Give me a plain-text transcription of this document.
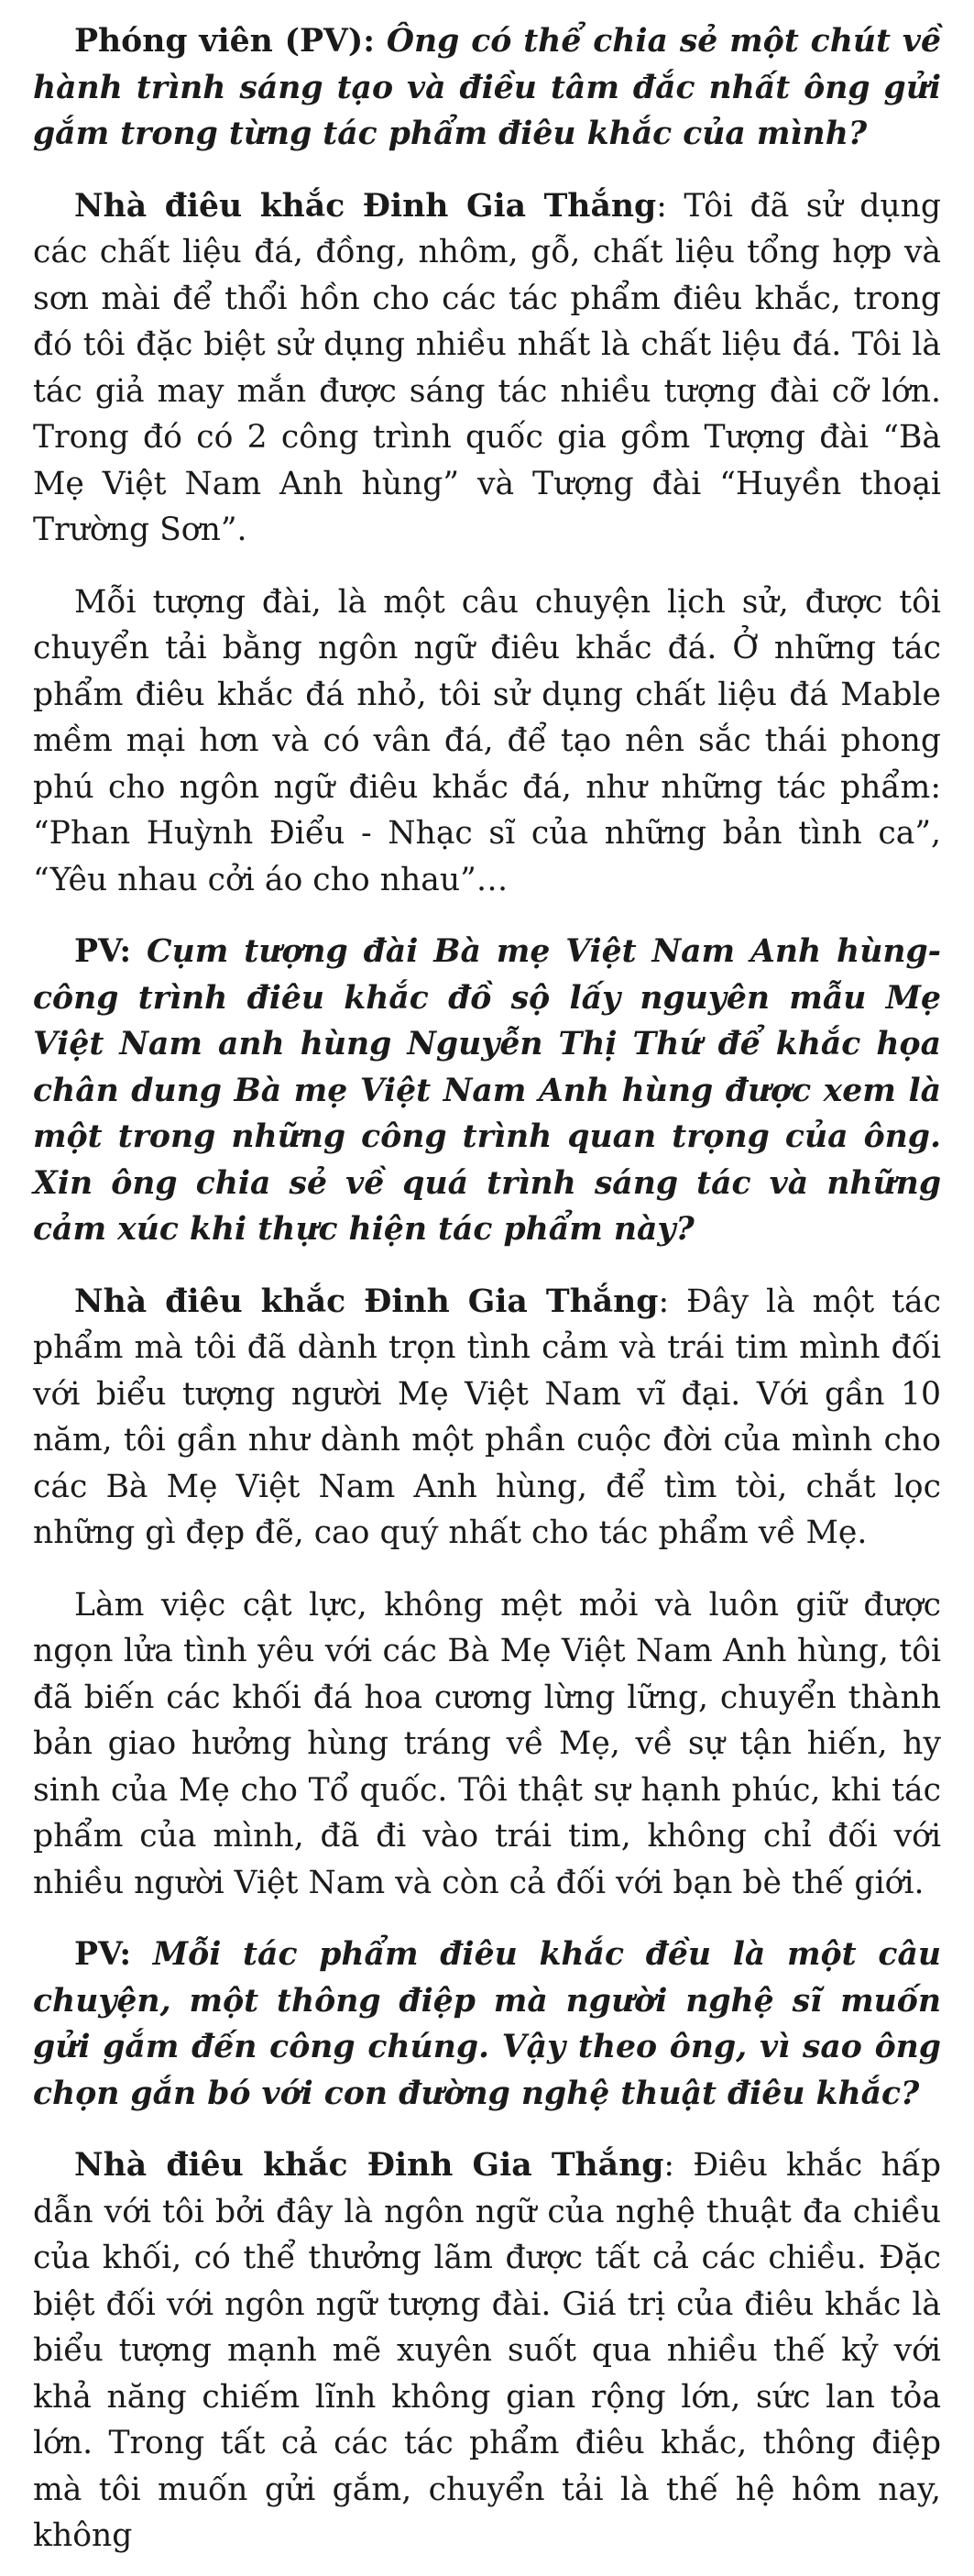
Phóng viên (PV): Ông có thể chia sẻ một chút về hành trình sáng tạo và điều tâm đắc nhất ông gửi gắm trong từng tác phẩm điêu khắc của mình?

Nhà điêu khắc Đinh Gia Thắng: Tôi đã sử dụng các chất liệu đá, đồng, nhôm, gỗ, chất liệu tổng hợp và sơn mài để thổi hồn cho các tác phẩm điêu khắc, trong đó tôi đặc biệt sử dụng nhiều nhất là chất liệu đá. Tôi là tác giả may mắn được sáng tác nhiều tượng đài cỡ lớn. Trong đó có 2 công trình quốc gia gồm Tượng đài “Bà Mẹ Việt Nam Anh hùng” và Tượng đài “Huyền thoại Trường Sơn”.

Mỗi tượng đài, là một câu chuyện lịch sử, được tôi chuyển tải bằng ngôn ngữ điêu khắc đá. Ở những tác phẩm điêu khắc đá nhỏ, tôi sử dụng chất liệu đá Mable mềm mại hơn và có vân đá, để tạo nên sắc thái phong phú cho ngôn ngữ điêu khắc đá, như những tác phẩm: “Phan Huỳnh Điểu - Nhạc sĩ của những bản tình ca”, “Yêu nhau cởi áo cho nhau”…

PV: Cụm tượng đài Bà mẹ Việt Nam Anh hùng-công trình điêu khắc đồ sộ lấy nguyên mẫu Mẹ Việt Nam anh hùng Nguyễn Thị Thứ để khắc họa chân dung Bà mẹ Việt Nam Anh hùng được xem là một trong những công trình quan trọng của ông. Xin ông chia sẻ về quá trình sáng tác và những cảm xúc khi thực hiện tác phẩm này?

Nhà điêu khắc Đinh Gia Thắng: Đây là một tác phẩm mà tôi đã dành trọn tình cảm và trái tim mình đối với biểu tượng người Mẹ Việt Nam vĩ đại. Với gần 10 năm, tôi gần như dành một phần cuộc đời của mình cho các Bà Mẹ Việt Nam Anh hùng, để tìm tòi, chắt lọc những gì đẹp đẽ, cao quý nhất cho tác phẩm về Mẹ.

Làm việc cật lực, không mệt mỏi và luôn giữ được ngọn lửa tình yêu với các Bà Mẹ Việt Nam Anh hùng, tôi đã biến các khối đá hoa cương lừng lững, chuyển thành bản giao hưởng hùng tráng về Mẹ, về sự tận hiến, hy sinh của Mẹ cho Tổ quốc. Tôi thật sự hạnh phúc, khi tác phẩm của mình, đã đi vào trái tim, không chỉ đối với nhiều người Việt Nam và còn cả đối với bạn bè thế giới.

PV: Mỗi tác phẩm điêu khắc đều là một câu chuyện, một thông điệp mà người nghệ sĩ muốn gửi gắm đến công chúng. Vậy theo ông, vì sao ông chọn gắn bó với con đường nghệ thuật điêu khắc?

Nhà điêu khắc Đinh Gia Thắng: Điêu khắc hấp dẫn với tôi bởi đây là ngôn ngữ của nghệ thuật đa chiều của khối, có thể thưởng lãm được tất cả các chiều. Đặc biệt đối với ngôn ngữ tượng đài. Giá trị của điêu khắc là biểu tượng mạnh mẽ xuyên suốt qua nhiều thế kỷ với khả năng chiếm lĩnh không gian rộng lớn, sức lan tỏa lớn. Trong tất cả các tác phẩm điêu khắc, thông điệp mà tôi muốn gửi gắm, chuyển tải là thế hệ hôm nay, không
